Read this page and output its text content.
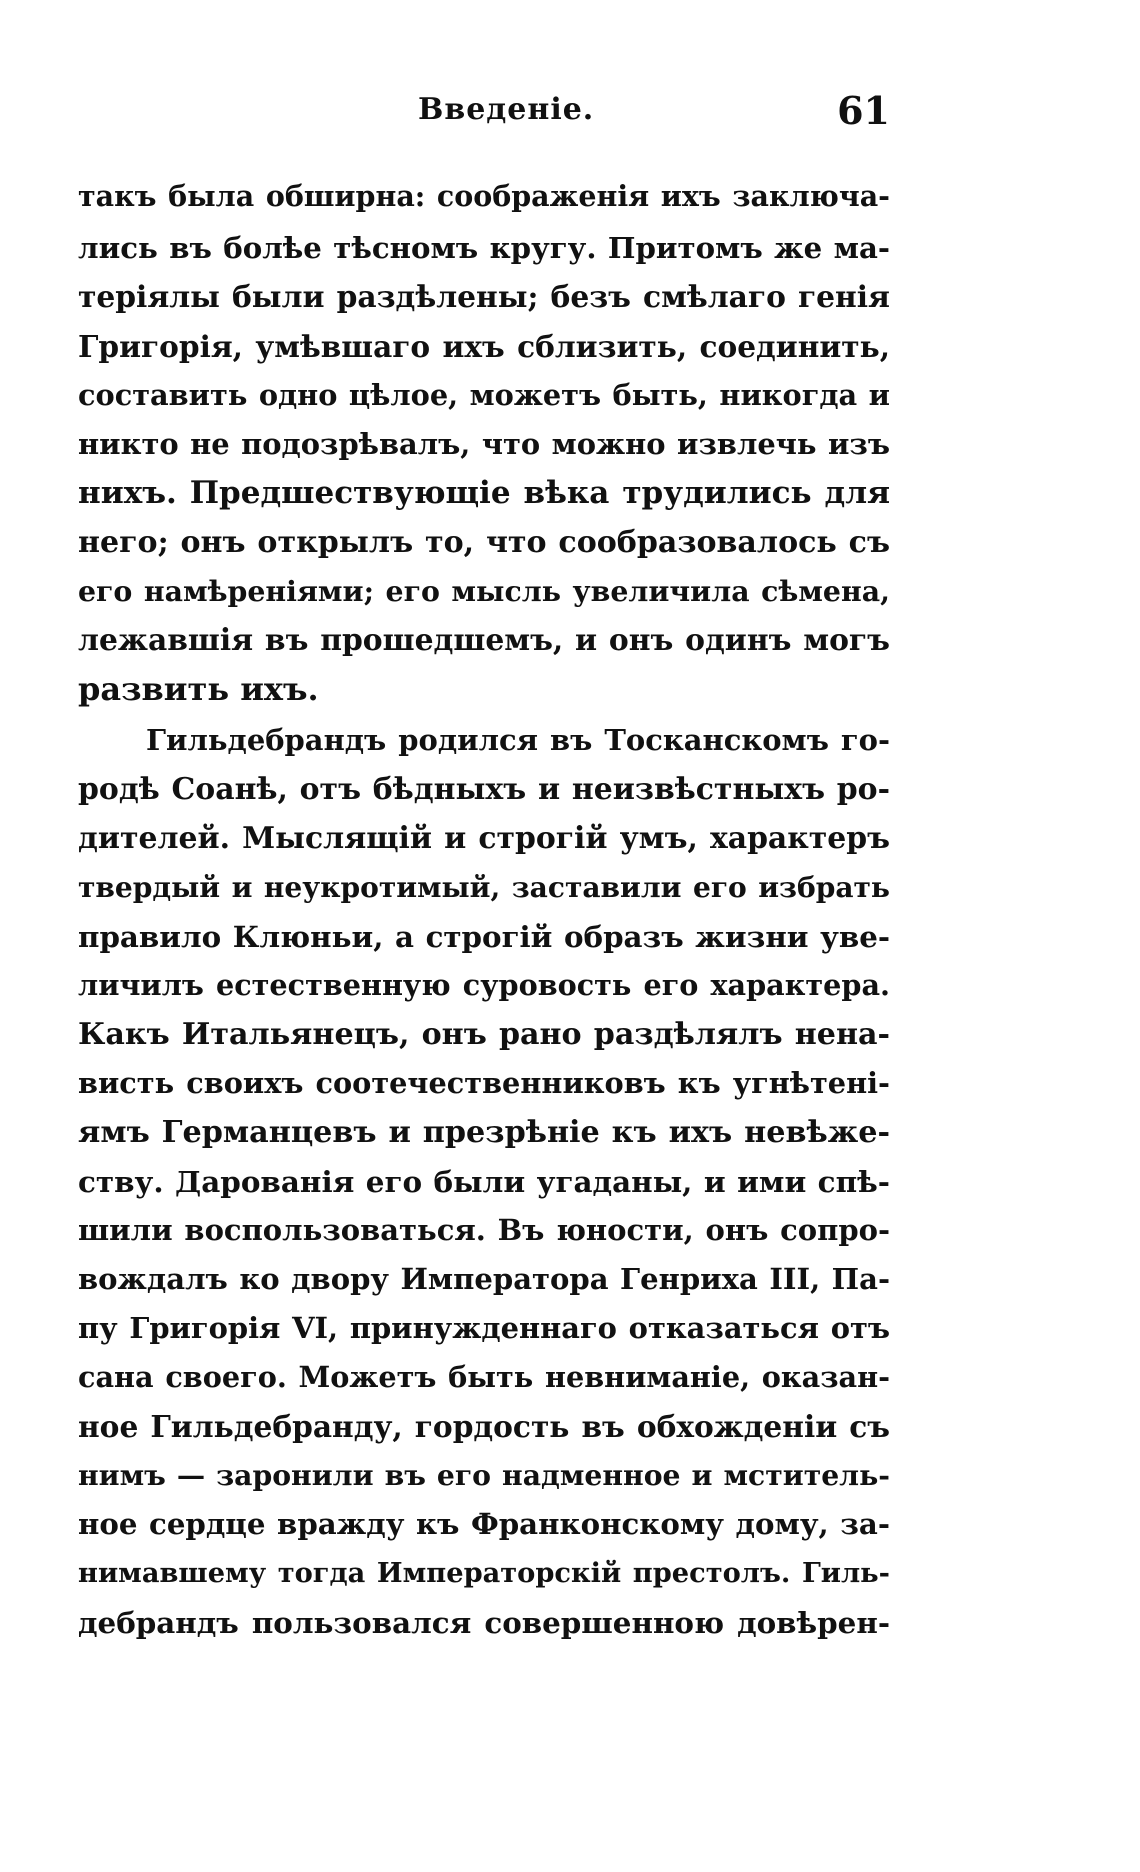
Введеніе.	61
такъ была обширна: соображенія ихъ заключа-
лись въ болѣе тѣсномъ кругу. Притомъ же ма-
теріялы были раздѣлены; безъ смѣлаго генія
Григорія, умѣвшаго ихъ сблизить, соединить,
составить одно цѣлое, можетъ быть, никогда и
никто не подозрѣвалъ, что можно извлечь изъ
нихъ. Предшествующіе вѣка трудились для
него; онъ открылъ то, что сообразовалось съ
его намѣреніями; его мысль увеличила сѣмена,
лежавшія въ прошедшемъ, и онъ одинъ могъ
развить ихъ.
Гильдебрандъ родился въ Тосканскомъ го-
родѣ Соанѣ, отъ бѣдныхъ и неизвѣстныхъ ро-
дителей. Мыслящій и строгій умъ, характеръ
твердый и неукротимый, заставили его избрать
правило Клюньи, а строгій образъ жизни уве-
личилъ естественную суровость его характера.
Какъ Итальянецъ, онъ рано раздѣлялъ нена-
висть своихъ соотечественниковъ къ угнѣтені-
ямъ Германцевъ и презрѣніе къ ихъ невѣже-
ству. Дарованія его были угаданы, и ими спѣ-
шили воспользоваться. Въ юности, онъ сопро-
вождалъ ко двору Императора Генриха III, Па-
пу Григорія VI, принужденнаго отказаться отъ
сана своего. Можетъ быть невниманіе, оказан-
ное Гильдебранду, гордость въ обхожденіи съ
нимъ — заронили въ его надменное и мститель-
ное сердце вражду къ Франконскому дому, за-
нимавшему тогда Императорскій престолъ. Гиль-
дебрандъ пользовался совершенною довѣрен-
